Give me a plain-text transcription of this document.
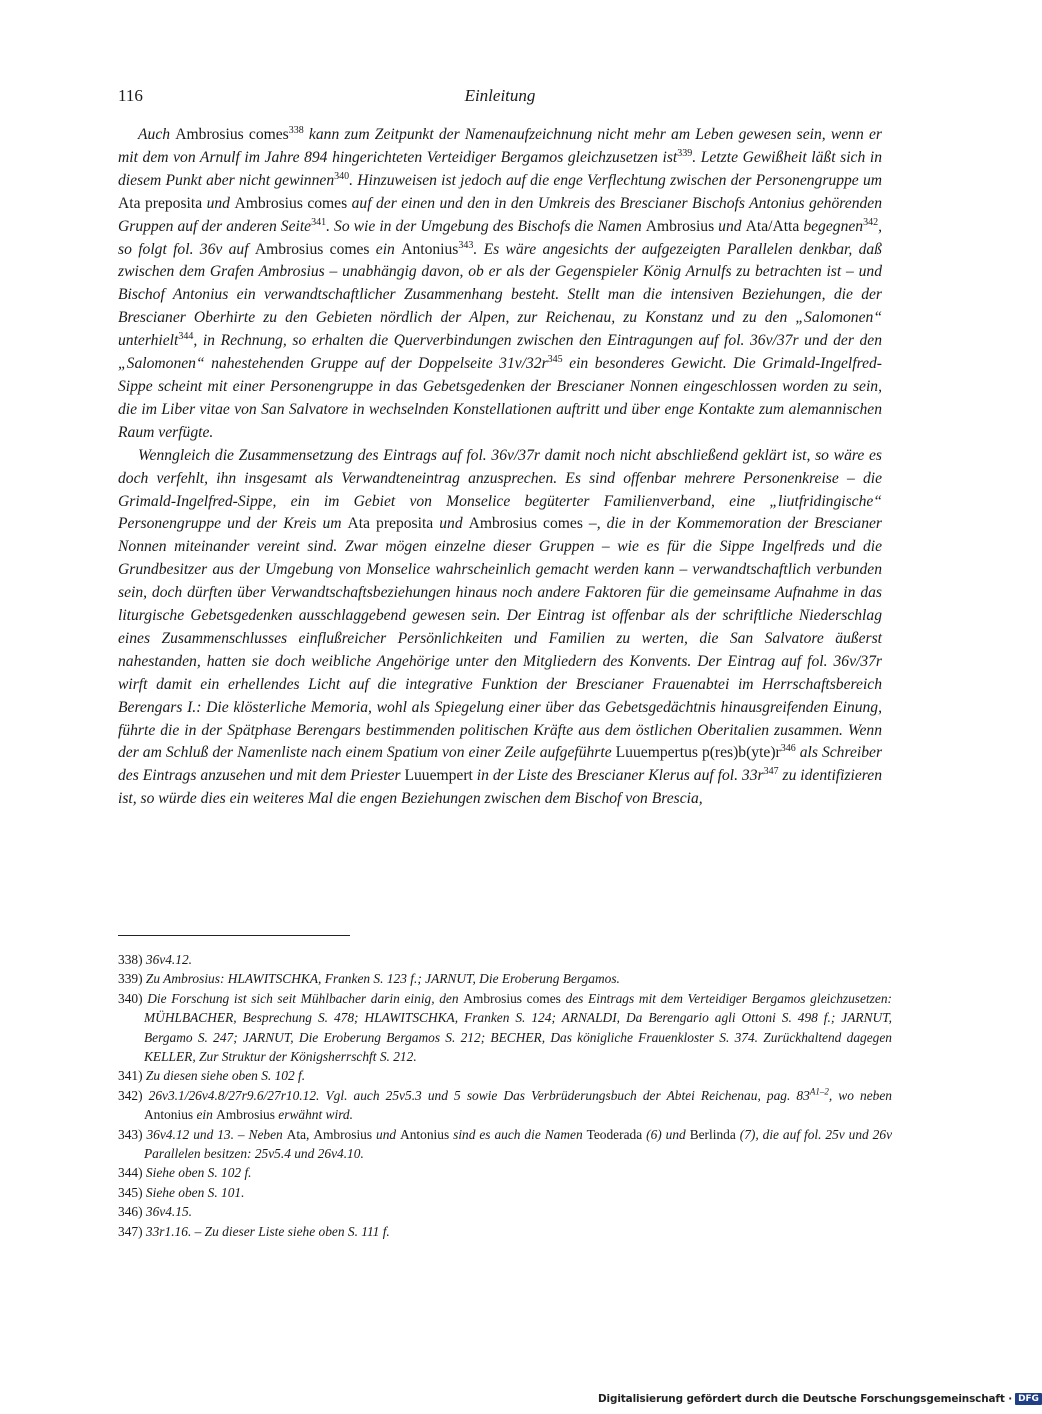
116	Einleitung

Auch Ambrosius comes$^{338}$ kann zum Zeitpunkt der Namenaufzeichnung nicht mehr am Leben gewesen sein, wenn er mit dem von Arnulf im Jahre 894 hingerichteten Verteidiger Bergamos gleichzusetzen ist$^{339}$. Letzte Gewißheit läßt sich in diesem Punkt aber nicht gewinnen$^{340}$. Hinzuweisen ist jedoch auf die enge Verflechtung zwischen der Personengruppe um Ata preposita und Ambrosius comes auf der einen und den in den Umkreis des Brescianer Bischofs Antonius gehörenden Gruppen auf der anderen Seite$^{341}$. So wie in der Umgebung des Bischofs die Namen Ambrosius und Ata/Atta begegnen$^{342}$, so folgt fol. 36v auf Ambrosius comes ein Antonius$^{343}$. Es wäre angesichts der aufgezeigten Parallelen denkbar, daß zwischen dem Grafen Ambrosius – unabhängig davon, ob er als der Gegenspieler König Arnulfs zu betrachten ist – und Bischof Antonius ein verwandtschaftlicher Zusammenhang besteht. Stellt man die intensiven Beziehungen, die der Brescianer Oberhirte zu den Gebieten nördlich der Alpen, zur Reichenau, zu Konstanz und zu den „Salomonen“ unterhielt$^{344}$, in Rechnung, so erhalten die Querverbindungen zwischen den Eintragungen auf fol. 36v/37r und der den „Salomonen“ nahestehenden Gruppe auf der Doppelseite $31v/32r^{345}$ ein besonderes Gewicht. Die Grimald-Ingelfred-Sippe scheint mit einer Personengruppe in das Gebetsgedenken der Brescianer Nonnen eingeschlossen worden zu sein, die im Liber vitae von San Salvatore in wechselnden Konstellationen auftritt und über enge Kontakte zum alemannischen Raum verfügte.

Wenngleich die Zusammensetzung des Eintrags auf fol. 36v/37r damit noch nicht abschließend geklärt ist, so wäre es doch verfehlt, ihn insgesamt als Verwandteneintrag anzusprechen. Es sind offenbar mehrere Personenkreise – die Grimald-Ingelfred-Sippe, ein im Gebiet von Monselice begüterter Familienverband, eine „liutfridingische“ Personengruppe und der Kreis um Ata preposita und Ambrosius comes –, die in der Kommemoration der Brescianer Nonnen miteinander vereint sind. Zwar mögen einzelne dieser Gruppen – wie es für die Sippe Ingelfreds und die Grundbesitzer aus der Umgebung von Monselice wahrscheinlich gemacht werden kann – verwandtschaftlich verbunden sein, doch dürften über Verwandtschaftsbeziehungen hinaus noch andere Faktoren für die gemeinsame Aufnahme in das liturgische Gebetsgedenken ausschlaggebend gewesen sein. Der Eintrag ist offenbar als der schriftliche Niederschlag eines Zusammenschlusses einflußreicher Persönlichkeiten und Familien zu werten, die San Salvatore äußerst nahestanden, hatten sie doch weibliche Angehörige unter den Mitgliedern des Konvents. Der Eintrag auf fol. 36v/37r wirft damit ein erhellendes Licht auf die integrative Funktion der Brescianer Frauenabtei im Herrschaftsbereich Berengars I.: Die klösterliche Memoria, wohl als Spiegelung einer über das Gebetsgedächtnis hinausgreifenden Einung, führte die in der Spätphase Berengars bestimmenden politischen Kräfte aus dem östlichen Oberitalien zusammen. Wenn der am Schluß der Namenliste nach einem Spatium von einer Zeile aufgeführte Luuempertus $p(res)b(yte)r^{346}$ als Schreiber des Eintrags anzusehen und mit dem Priester Luuempert in der Liste des Brescianer Klerus auf fol. $33r^{347}$ zu identifizieren ist, so würde dies ein weiteres Mal die engen Beziehungen zwischen dem Bischof von Brescia,

338) 36v4.12.

339) Zu Ambrosius: HLAWITSCHKA, Franken S. 123 f.; JARNUT, Die Eroberung Bergamos.

340) Die Forschung ist sich seit Mühlbacher darin einig, den Ambrosius comes des Eintrags mit dem Verteidiger Bergamos gleichzusetzen: MÜHLBACHER, Besprechung S. 478; HLAWITSCHKA, Franken S. 124; ARNALDI, Da Berengario agli Ottoni S. 498 f.; JARNUT, Bergamo S. 247; JARNUT, Die Eroberung Bergamos S. 212; BECHER, Das königliche Frauenkloster S. 374. Zurückhaltend dagegen KELLER, Zur Struktur der Königsherrschft S. 212.

341) Zu diesen siehe oben S. 102 f.

342) 26v3.1/26v4.8/27r9.6/27r10.12. Vgl. auch 25v5.3 und 5 sowie Das Verbrüderungsbuch der Abtei Reichenau, pag. $83^{A1-2}$, wo neben Antonius ein Ambrosius erwähnt wird.

343) 36v4.12 und 13. – Neben Ata, Ambrosius und Antonius sind es auch die Namen Teoderada (6) und Berlinda (7), die auf fol. 25v und 26v Parallelen besitzen: 25v5.4 und 26v4.10.

344) Siehe oben S. 102 f.

345) Siehe oben S. 101.

346) 36v4.15.

347) 33r1.16. – Zu dieser Liste siehe oben S. 111 f.

Digitalisierung gefördert durch die Deutsche Forschungsgemeinschaft · DFG
